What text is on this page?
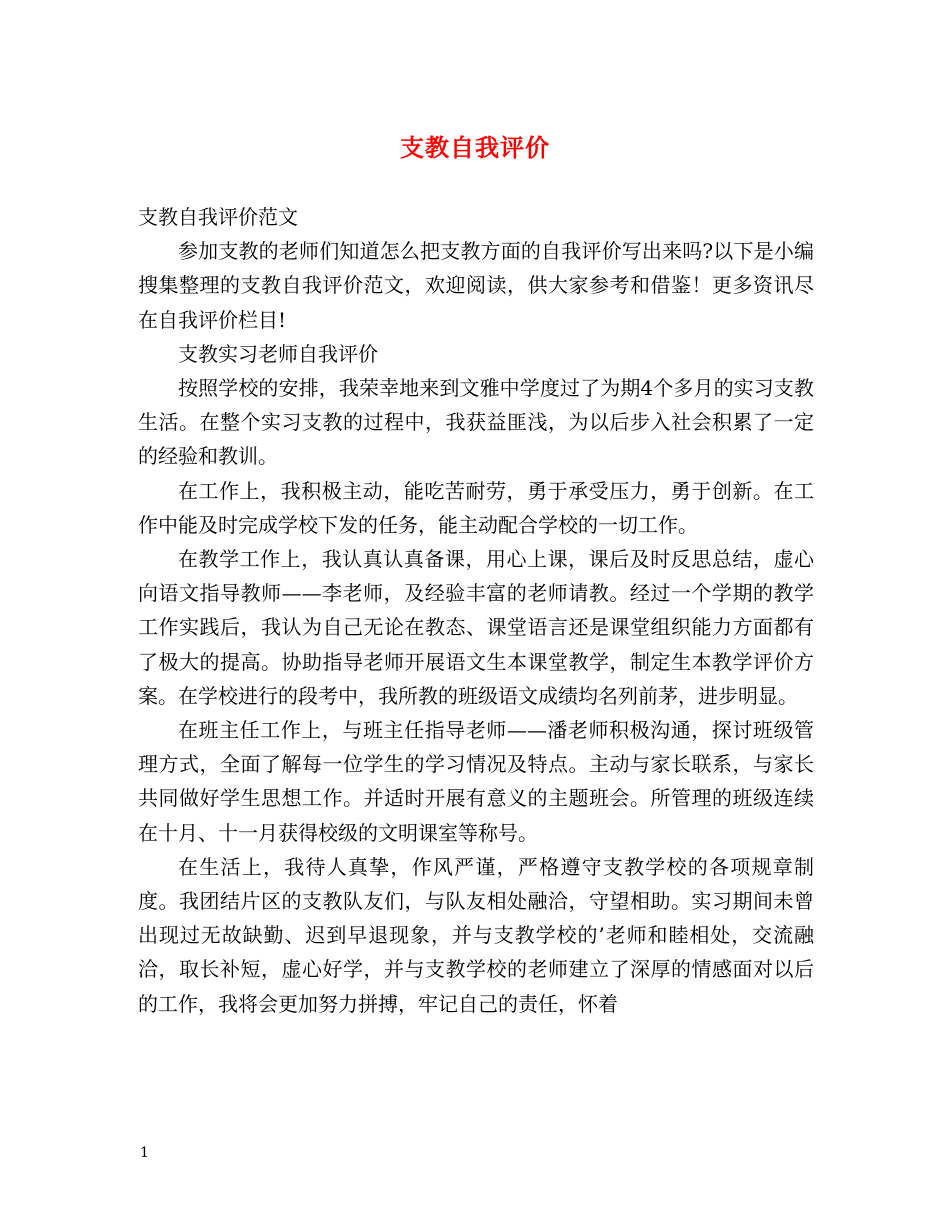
支教自我评价

支教自我评价范文

参加支教的老师们知道怎么把支教方面的自我评价写出来吗?以下是小编搜集整理的支教自我评价范文，欢迎阅读，供大家参考和借鉴！更多资讯尽在自我评价栏目!

支教实习老师自我评价

按照学校的安排，我荣幸地来到文雅中学度过了为期4个多月的实习支教生活。在整个实习支教的过程中，我获益匪浅，为以后步入社会积累了一定的经验和教训。

在工作上，我积极主动，能吃苦耐劳，勇于承受压力，勇于创新。在工作中能及时完成学校下发的任务，能主动配合学校的一切工作。

在教学工作上，我认真认真备课，用心上课，课后及时反思总结，虚心向语文指导教师——李老师，及经验丰富的老师请教。经过一个学期的教学工作实践后，我认为自己无论在教态、课堂语言还是课堂组织能力方面都有了极大的提高。协助指导老师开展语文生本课堂教学，制定生本教学评价方案。在学校进行的段考中，我所教的班级语文成绩均名列前茅，进步明显。

在班主任工作上，与班主任指导老师——潘老师积极沟通，探讨班级管理方式，全面了解每一位学生的学习情况及特点。主动与家长联系，与家长共同做好学生思想工作。并适时开展有意义的主题班会。所管理的班级连续在十月、十一月获得校级的文明课室等称号。

在生活上，我待人真挚，作风严谨，严格遵守支教学校的各项规章制度。我团结片区的支教队友们，与队友相处融洽，守望相助。实习期间未曾出现过无故缺勤、迟到早退现象，并与支教学校的’老师和睦相处，交流融洽，取长补短，虚心好学，并与支教学校的老师建立了深厚的情感面对以后的工作，我将会更加努力拼搏，牢记自己的责任，怀着

1
